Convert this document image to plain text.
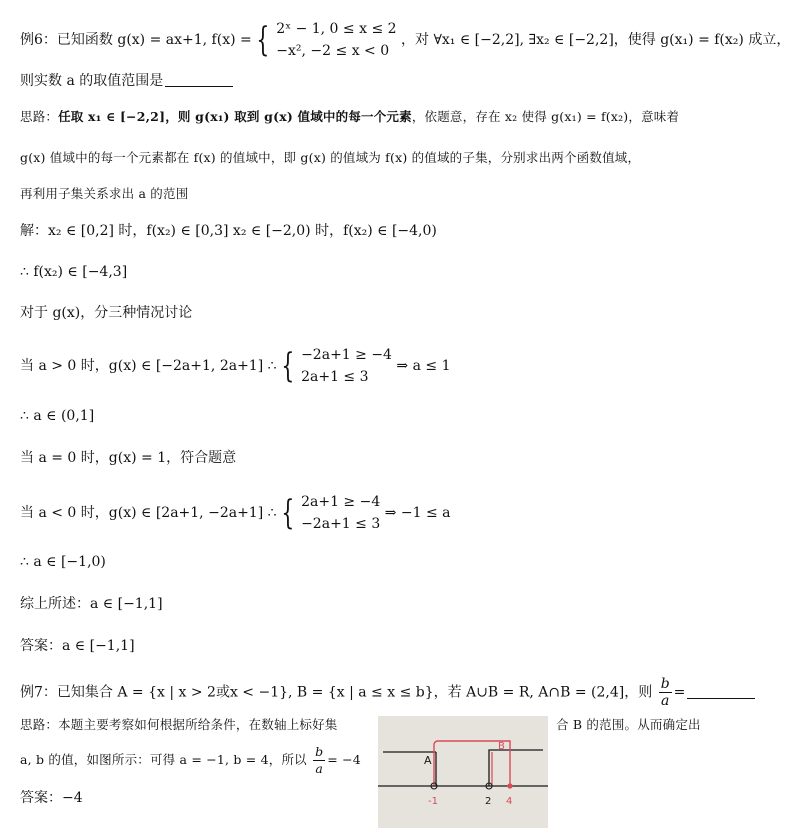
例6：已知函数 g(x) = ax+1, f(x) = { 2ˣ − 1, 0 ≤ x ≤ 2
−x², −2 ≤ x < 0
，对 ∀x₁ ∈ [−2,2], ∃x₂ ∈ [−2,2]，使得 g(x₁) = f(x₂) 成立，
则实数 a 的取值范围是
思路：任取 x₁ ∈ [−2,2]，则 g(x₁) 取到 g(x) 值域中的每一个元素，依题意，存在 x₂ 使得 g(x₁) = f(x₂)，意味着
g(x) 值域中的每一个元素都在 f(x) 的值域中，即 g(x) 的值域为 f(x) 的值域的子集，分别求出两个函数值域，
再利用子集关系求出 a 的范围
解：x₂ ∈ [0,2] 时，f(x₂) ∈ [0,3] x₂ ∈ [−2,0) 时，f(x₂) ∈ [−4,0)
∴ f(x₂) ∈ [−4,3]
对于 g(x)，分三种情况讨论
当 a > 0 时，g(x) ∈ [−2a+1, 2a+1] ∴ { −2a+1 ≥ −4
2a+1 ≤ 3
⇒ a ≤ 1
∴ a ∈ (0,1]
当 a = 0 时，g(x) = 1，符合题意
当 a < 0 时，g(x) ∈ [2a+1, −2a+1] ∴ { 2a+1 ≥ −4
−2a+1 ≤ 3
⇒ −1 ≤ a
∴ a ∈ [−1,0)
综上所述：a ∈ [−1,1]
答案：a ∈ [−1,1]
例7：已知集合 A = {x | x > 2或x < −1}, B = {x | a ≤ x ≤ b}，若 A∪B = R, A∩B = (2,4]，则 $\frac{b}{a}$ =
思路：本题主要考察如何根据所给条件，在数轴上标好集	合 B 的范围。从而确定出
a, b 的值，如图所示：可得 a = −1, b = 4，所以 $\frac{b}{a} = -4$
答案：−4
A
B
-1	2 4
